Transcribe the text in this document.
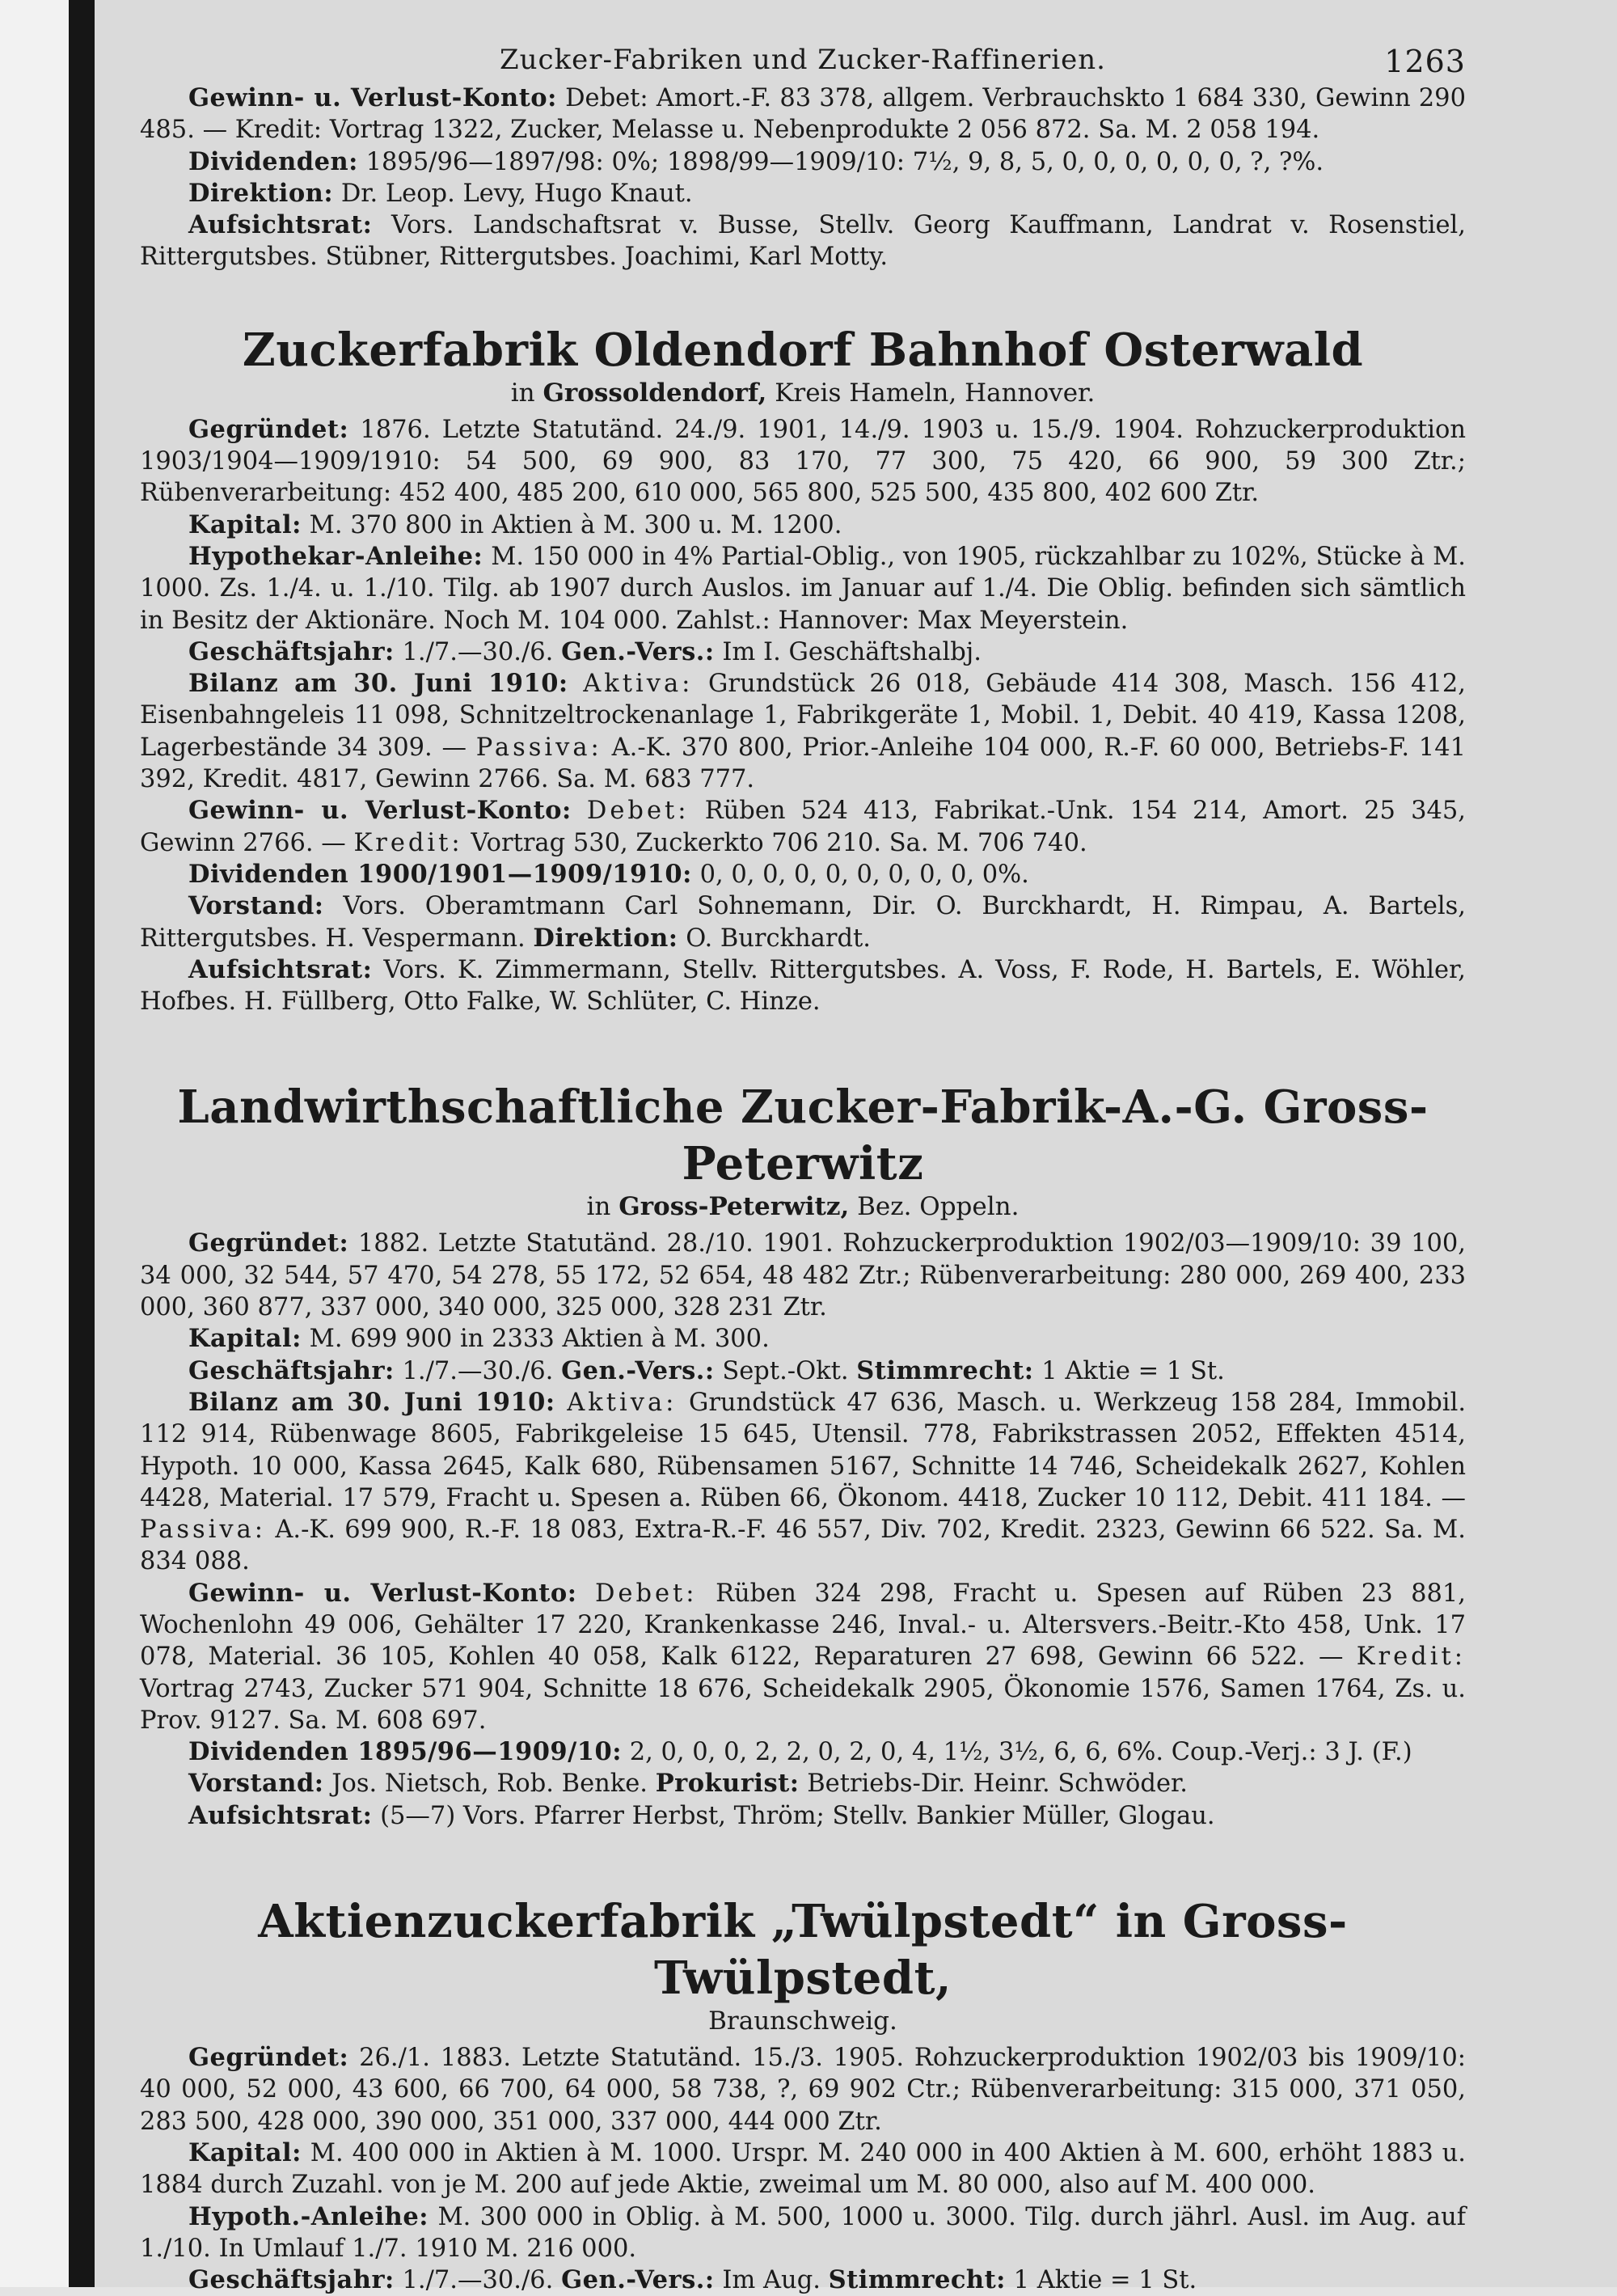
Zucker-Fabriken und Zucker-Raffinerien.	1263

Gewinn- u. Verlust-Konto: Debet: Amort.-F. 83 378, allgem. Verbrauchskto 1 684 330, Gewinn 290 485. — Kredit: Vortrag 1322, Zucker, Melasse u. Nebenprodukte 2 056 872. Sa. M. 2 058 194.

Dividenden: 1895/96—1897/98: 0%; 1898/99—1909/10: 7½, 9, 8, 5, 0, 0, 0, 0, 0, 0, ?, ?%.

Direktion: Dr. Leop. Levy, Hugo Knaut.

Aufsichtsrat: Vors. Landschaftsrat v. Busse, Stellv. Georg Kauffmann, Landrat v. Rosenstiel, Rittergutsbes. Stübner, Rittergutsbes. Joachimi, Karl Motty.

Zuckerfabrik Oldendorf Bahnhof Osterwald

in Grossoldendorf, Kreis Hameln, Hannover.

Gegründet: 1876. Letzte Statutänd. 24./9. 1901, 14./9. 1903 u. 15./9. 1904. Rohzuckerproduktion 1903/1904—1909/1910: 54 500, 69 900, 83 170, 77 300, 75 420, 66 900, 59 300 Ztr.; Rübenverarbeitung: 452 400, 485 200, 610 000, 565 800, 525 500, 435 800, 402 600 Ztr.

Kapital: M. 370 800 in Aktien à M. 300 u. M. 1200.

Hypothekar-Anleihe: M. 150 000 in 4% Partial-Oblig., von 1905, rückzahlbar zu 102%, Stücke à M. 1000. Zs. 1./4. u. 1./10. Tilg. ab 1907 durch Auslos. im Januar auf 1./4. Die Oblig. befinden sich sämtlich in Besitz der Aktionäre. Noch M. 104 000. Zahlst.: Hannover: Max Meyerstein.

Geschäftsjahr: 1./7.—30./6. Gen.-Vers.: Im I. Geschäftshalbj.

Bilanz am 30. Juni 1910: Aktiva: Grundstück 26 018, Gebäude 414 308, Masch. 156 412, Eisenbahngeleis 11 098, Schnitzeltrockenanlage 1, Fabrikgeräte 1, Mobil. 1, Debit. 40 419, Kassa 1208, Lagerbestände 34 309. — Passiva: A.-K. 370 800, Prior.-Anleihe 104 000, R.-F. 60 000, Betriebs-F. 141 392, Kredit. 4817, Gewinn 2766. Sa. M. 683 777.

Gewinn- u. Verlust-Konto: Debet: Rüben 524 413, Fabrikat.-Unk. 154 214, Amort. 25 345, Gewinn 2766. — Kredit: Vortrag 530, Zuckerkto 706 210. Sa. M. 706 740.

Dividenden 1900/1901—1909/1910: 0, 0, 0, 0, 0, 0, 0, 0, 0, 0%.

Vorstand: Vors. Oberamtmann Carl Sohnemann, Dir. O. Burckhardt, H. Rimpau, A. Bartels, Rittergutsbes. H. Vespermann. Direktion: O. Burckhardt.

Aufsichtsrat: Vors. K. Zimmermann, Stellv. Rittergutsbes. A. Voss, F. Rode, H. Bartels, E. Wöhler, Hofbes. H. Füllberg, Otto Falke, W. Schlüter, C. Hinze.

Landwirthschaftliche Zucker-Fabrik-A.-G. Gross-Peterwitz

in Gross-Peterwitz, Bez. Oppeln.

Gegründet: 1882. Letzte Statutänd. 28./10. 1901. Rohzuckerproduktion 1902/03—1909/10: 39 100, 34 000, 32 544, 57 470, 54 278, 55 172, 52 654, 48 482 Ztr.; Rübenverarbeitung: 280 000, 269 400, 233 000, 360 877, 337 000, 340 000, 325 000, 328 231 Ztr.

Kapital: M. 699 900 in 2333 Aktien à M. 300.

Geschäftsjahr: 1./7.—30./6. Gen.-Vers.: Sept.-Okt. Stimmrecht: 1 Aktie = 1 St.

Bilanz am 30. Juni 1910: Aktiva: Grundstück 47 636, Masch. u. Werkzeug 158 284, Immobil. 112 914, Rübenwage 8605, Fabrikgeleise 15 645, Utensil. 778, Fabrikstrassen 2052, Effekten 4514, Hypoth. 10 000, Kassa 2645, Kalk 680, Rübensamen 5167, Schnitte 14 746, Scheidekalk 2627, Kohlen 4428, Material. 17 579, Fracht u. Spesen a. Rüben 66, Ökonom. 4418, Zucker 10 112, Debit. 411 184. — Passiva: A.-K. 699 900, R.-F. 18 083, Extra-R.-F. 46 557, Div. 702, Kredit. 2323, Gewinn 66 522. Sa. M. 834 088.

Gewinn- u. Verlust-Konto: Debet: Rüben 324 298, Fracht u. Spesen auf Rüben 23 881, Wochenlohn 49 006, Gehälter 17 220, Krankenkasse 246, Inval.- u. Altersvers.-Beitr.-Kto 458, Unk. 17 078, Material. 36 105, Kohlen 40 058, Kalk 6122, Reparaturen 27 698, Gewinn 66 522. — Kredit: Vortrag 2743, Zucker 571 904, Schnitte 18 676, Scheidekalk 2905, Ökonomie 1576, Samen 1764, Zs. u. Prov. 9127. Sa. M. 608 697.

Dividenden 1895/96—1909/10: 2, 0, 0, 0, 2, 2, 0, 2, 0, 4, 1½, 3½, 6, 6, 6%. Coup.-Verj.: 3 J. (F.)

Vorstand: Jos. Nietsch, Rob. Benke. Prokurist: Betriebs-Dir. Heinr. Schwöder.

Aufsichtsrat: (5—7) Vors. Pfarrer Herbst, Thröm; Stellv. Bankier Müller, Glogau.

Aktienzuckerfabrik „Twülpstedt“ in Gross-Twülpstedt,

Braunschweig.

Gegründet: 26./1. 1883. Letzte Statutänd. 15./3. 1905. Rohzuckerproduktion 1902/03 bis 1909/10: 40 000, 52 000, 43 600, 66 700, 64 000, 58 738, ?, 69 902 Ctr.; Rübenverarbeitung: 315 000, 371 050, 283 500, 428 000, 390 000, 351 000, 337 000, 444 000 Ztr.

Kapital: M. 400 000 in Aktien à M. 1000. Urspr. M. 240 000 in 400 Aktien à M. 600, erhöht 1883 u. 1884 durch Zuzahl. von je M. 200 auf jede Aktie, zweimal um M. 80 000, also auf M. 400 000.

Hypoth.-Anleihe: M. 300 000 in Oblig. à M. 500, 1000 u. 3000. Tilg. durch jährl. Ausl. im Aug. auf 1./10. In Umlauf 1./7. 1910 M. 216 000.

Geschäftsjahr: 1./7.—30./6. Gen.-Vers.: Im Aug. Stimmrecht: 1 Aktie = 1 St.
